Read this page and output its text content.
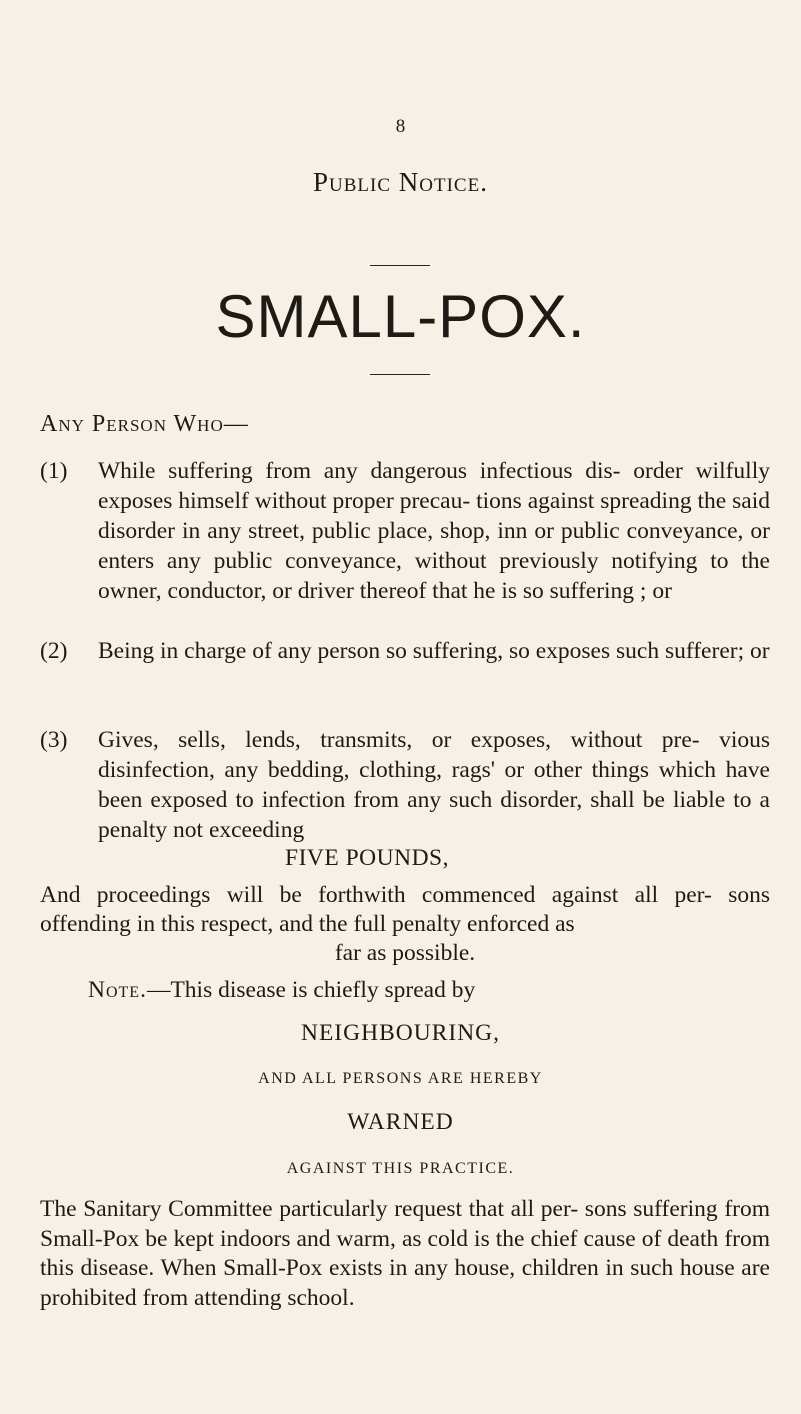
8
Public Notice.
SMALL-POX.
Any Person Who—
(1) While suffering from any dangerous infectious dis- order wilfully exposes himself without proper precau- tions against spreading the said disorder in any street, public place, shop, inn or public conveyance, or enters any public conveyance, without previously notifying to the owner, conductor, or driver thereof that he is so suffering ; or
(2) Being in charge of any person so suffering, so exposes such sufferer; or
(3) Gives, sells, lends, transmits, or exposes, without pre- vious disinfection, any bedding, clothing, rags' or other things which have been exposed to infection from any such disorder, shall be liable to a penalty not exceeding
FIVE POUNDS,
And proceedings will be forthwith commenced against all per- sons offending in this respect, and the full penalty enforced as
far as possible.
Note.—This disease is chiefly spread by
NEIGHBOURING,
AND ALL PERSONS ARE HEREBY
WARNED
AGAINST THIS PRACTICE.
The Sanitary Committee particularly request that all per- sons suffering from Small-Pox be kept indoors and warm, as cold is the chief cause of death from this disease. When Small-Pox exists in any house, children in such house are prohibited from attending school.
